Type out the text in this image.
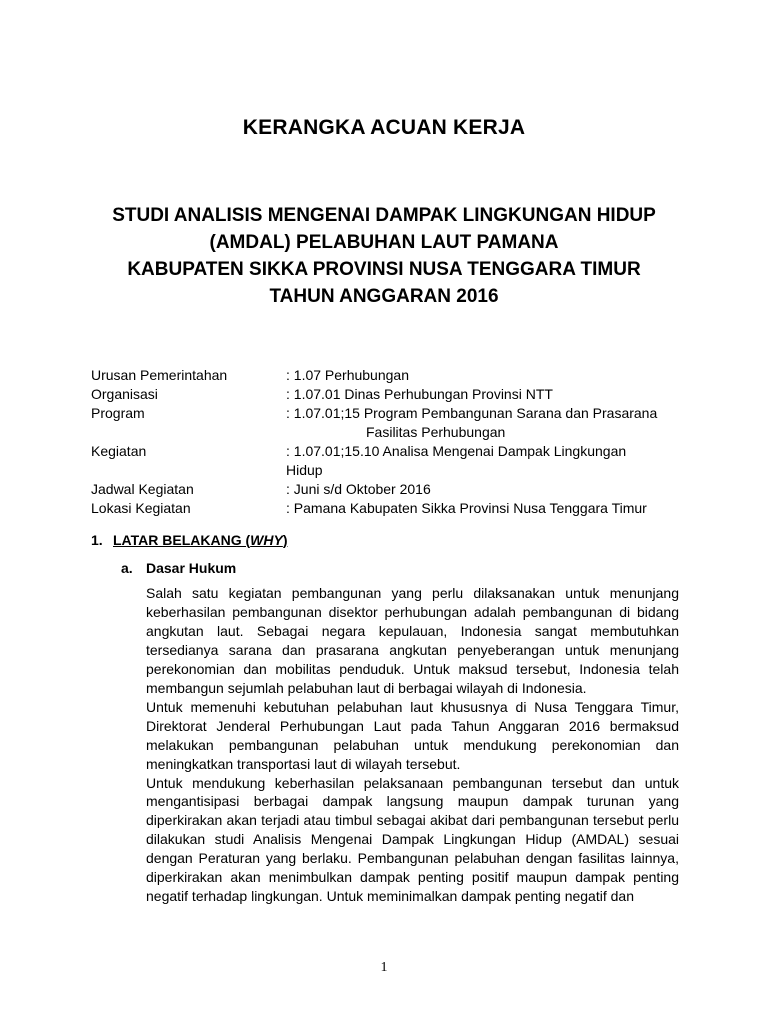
KERANGKA ACUAN KERJA
STUDI ANALISIS MENGENAI DAMPAK LINGKUNGAN HIDUP
(AMDAL) PELABUHAN LAUT PAMANA
KABUPATEN SIKKA PROVINSI NUSA TENGGARA TIMUR
TAHUN ANGGARAN 2016
Urusan Pemerintahan	: 1.07 Perhubungan
Organisasi	: 1.07.01 Dinas Perhubungan Provinsi NTT
Program	: 1.07.01;15 Program Pembangunan Sarana dan Prasarana
Fasilitas Perhubungan
Kegiatan	: 1.07.01;15.10 Analisa Mengenai Dampak Lingkungan Hidup
Jadwal Kegiatan	: Juni s/d Oktober 2016
Lokasi Kegiatan	: Pamana Kabupaten Sikka Provinsi Nusa Tenggara Timur
1. LATAR BELAKANG (WHY)
a. Dasar Hukum

Salah satu kegiatan pembangunan yang perlu dilaksanakan untuk menunjang keberhasilan pembangunan disektor perhubungan adalah pembangunan di bidang angkutan laut. Sebagai negara kepulauan, Indonesia sangat membutuhkan tersedianya sarana dan prasarana angkutan penyeberangan untuk menunjang perekonomian dan mobilitas penduduk. Untuk maksud tersebut, Indonesia telah membangun sejumlah pelabuhan laut di berbagai wilayah di Indonesia.

Untuk memenuhi kebutuhan pelabuhan laut khususnya di Nusa Tenggara Timur, Direktorat Jenderal Perhubungan Laut pada Tahun Anggaran 2016 bermaksud melakukan pembangunan pelabuhan untuk mendukung perekonomian dan meningkatkan transportasi laut di wilayah tersebut.

Untuk mendukung keberhasilan pelaksanaan pembangunan tersebut dan untuk mengantisipasi berbagai dampak langsung maupun dampak turunan yang diperkirakan akan terjadi atau timbul sebagai akibat dari pembangunan tersebut perlu dilakukan studi Analisis Mengenai Dampak Lingkungan Hidup (AMDAL) sesuai dengan Peraturan yang berlaku. Pembangunan pelabuhan dengan fasilitas lainnya, diperkirakan akan menimbulkan dampak penting positif maupun dampak penting negatif terhadap lingkungan. Untuk meminimalkan dampak penting negatif dan

1
